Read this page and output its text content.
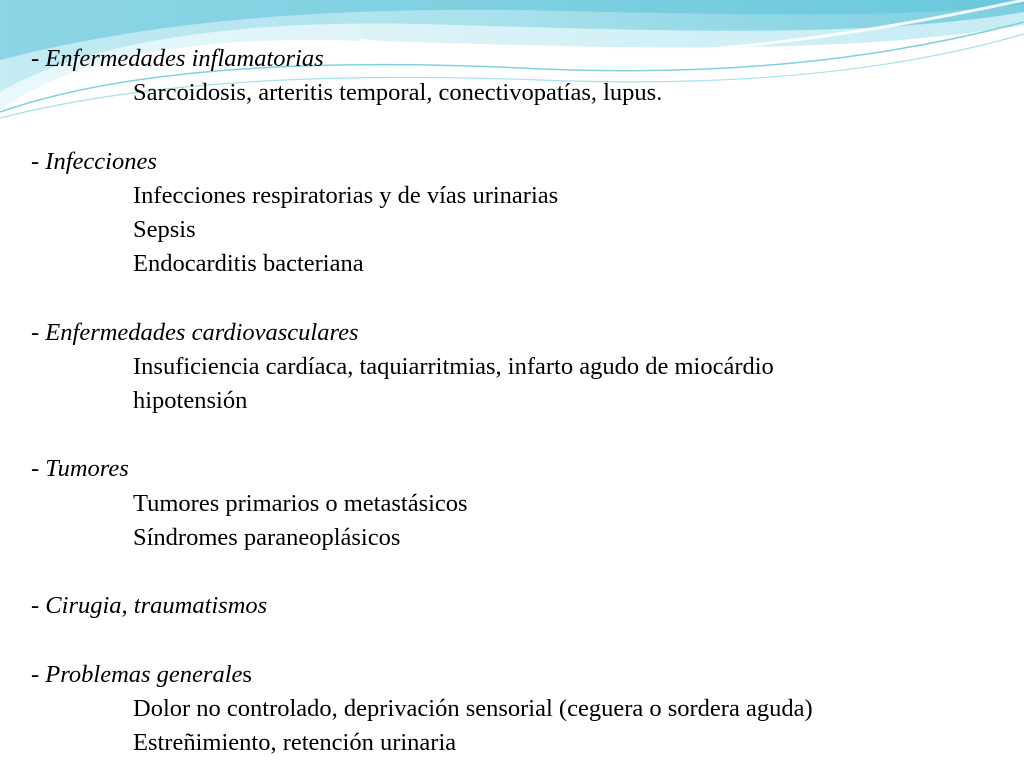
- Enfermedades inflamatorias
Sarcoidosis, arteritis temporal, conectivopatías, lupus.
- Infecciones
Infecciones respiratorias y de vías urinarias
Sepsis
Endocarditis bacteriana
- Enfermedades cardiovasculares
Insuficiencia cardíaca, taquiarritmias, infarto agudo de miocárdio
hipotensión
- Tumores
Tumores primarios o metastásicos
Síndromes paraneoplásicos
- Cirugia, traumatismos
- Problemas generales
Dolor no controlado, deprivación sensorial (ceguera o sordera aguda)
Estreñimiento, retención urinaria
